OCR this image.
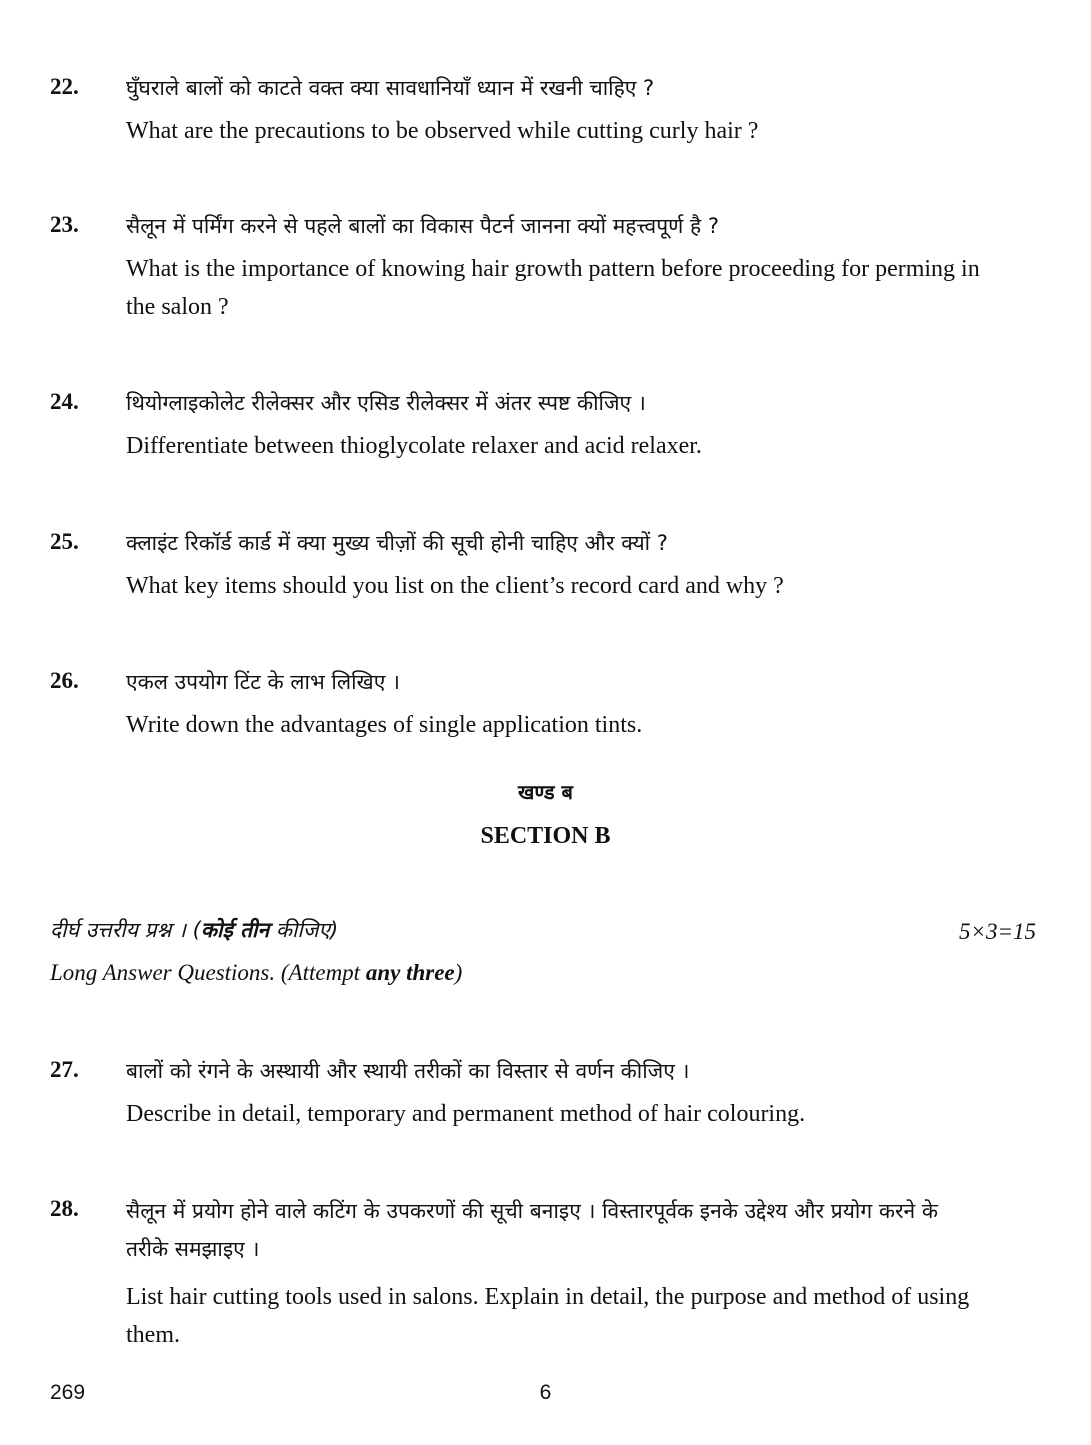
22. घुँघराले बालों को काटते वक्त क्या सावधानियाँ ध्यान में रखनी चाहिए ?

What are the precautions to be observed while cutting curly hair ?

23. सैलून में पर्मिंग करने से पहले बालों का विकास पैटर्न जानना क्यों महत्त्वपूर्ण है ?

What is the importance of knowing hair growth pattern before proceeding for perming in the salon ?

24. थियोग्लाइकोलेट रीलेक्सर और एसिड रीलेक्सर में अंतर स्पष्ट कीजिए ।

Differentiate between thioglycolate relaxer and acid relaxer.

25. क्लाइंट रिकॉर्ड कार्ड में क्या मुख्य चीज़ों की सूची होनी चाहिए और क्यों ?

What key items should you list on the client’s record card and why ?

26. एकल उपयोग टिंट के लाभ लिखिए ।

Write down the advantages of single application tints.

खण्ड ब
SECTION B
दीर्घ उत्तरीय प्रश्न । (कोई तीन कीजिए)	5×3=15
Long Answer Questions. (Attempt any three)
27. बालों को रंगने के अस्थायी और स्थायी तरीकों का विस्तार से वर्णन कीजिए ।

Describe in detail, temporary and permanent method of hair colouring.

28. सैलून में प्रयोग होने वाले कटिंग के उपकरणों की सूची बनाइए । विस्तारपूर्वक इनके उद्देश्य और प्रयोग करने के तरीके समझाइए ।

List hair cutting tools used in salons. Explain in detail, the purpose and method of using them.

269	6
